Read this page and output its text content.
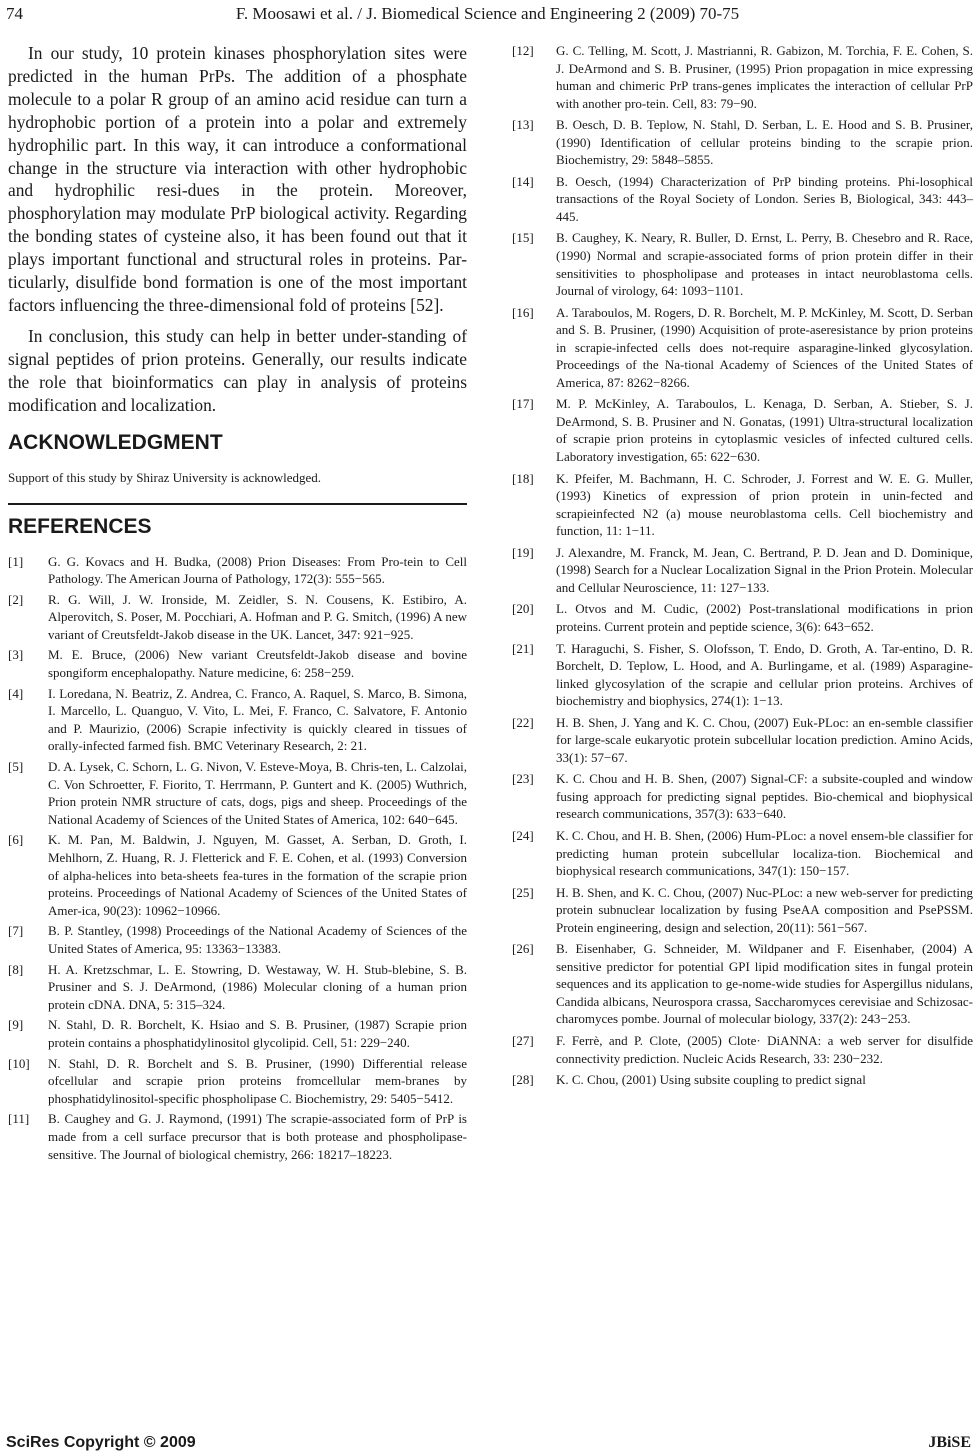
74	F. Moosawi et al. / J. Biomedical Science and Engineering 2 (2009) 70-75

In our study, 10 protein kinases phosphorylation sites were predicted in the human PrPs. The addition of a phosphate molecule to a polar R group of an amino acid residue can turn a hydrophobic portion of a protein into a polar and extremely hydrophilic part. In this way, it can introduce a conformational change in the structure via interaction with other hydrophobic and hydrophilic resi-dues in the protein. Moreover, phosphorylation may modulate PrP biological activity. Regarding the bonding states of cysteine also, it has been found out that it plays important functional and structural roles in proteins. Par-ticularly, disulfide bond formation is one of the most important factors influencing the three-dimensional fold of proteins [52].

In conclusion, this study can help in better under-standing of signal peptides of prion proteins. Generally, our results indicate the role that bioinformatics can play in analysis of proteins modification and localization.

ACKNOWLEDGMENT
Support of this study by Shiraz University is acknowledged.
REFERENCES
[1] G. G. Kovacs and H. Budka, (2008) Prion Diseases: From Pro-tein to Cell Pathology. The American Journa of Pathology, 172(3): 555−565.
[2] R. G. Will, J. W. Ironside, M. Zeidler, S. N. Cousens, K. Estibiro, A. Alperovitch, S. Poser, M. Pocchiari, A. Hofman and P. G. Smitch, (1996) A new variant of Creutsfeldt-Jakob disease in the UK. Lancet, 347: 921−925.
[3] M. E. Bruce, (2006) New variant Creutsfeldt-Jakob disease and bovine spongiform encephalopathy. Nature medicine, 6: 258−259.
[4] I. Loredana, N. Beatriz, Z. Andrea, C. Franco, A. Raquel, S. Marco, B. Simona, I. Marcello, L. Quanguo, V. Vito, L. Mei, F. Franco, C. Salvatore, F. Antonio and P. Maurizio, (2006) Scrapie infectivity is quickly cleared in tissues of orally-infected farmed fish. BMC Veterinary Research, 2: 21.
[5] D. A. Lysek, C. Schorn, L. G. Nivon, V. Esteve-Moya, B. Chris-ten, L. Calzolai, C. Von Schroetter, F. Fiorito, T. Herrmann, P. Guntert and K. (2005) Wuthrich, Prion protein NMR structure of cats, dogs, pigs and sheep. Proceedings of the National Academy of Sciences of the United States of America, 102: 640−645.
[6] K. M. Pan, M. Baldwin, J. Nguyen, M. Gasset, A. Serban, D. Groth, I. Mehlhorn, Z. Huang, R. J. Fletterick and F. E. Cohen, et al. (1993) Conversion of alpha-helices into beta-sheets fea-tures in the formation of the scrapie prion proteins. Proceedings of National Academy of Sciences of the United States of Amer-ica, 90(23): 10962−10966.
[7] B. P. Stantley, (1998) Proceedings of the National Academy of Sciences of the United States of America, 95: 13363−13383.
[8] H. A. Kretzschmar, L. E. Stowring, D. Westaway, W. H. Stub-blebine, S. B. Prusiner and S. J. DeArmond, (1986) Molecular cloning of a human prion protein cDNA. DNA, 5: 315–324.
[9] N. Stahl, D. R. Borchelt, K. Hsiao and S. B. Prusiner, (1987) Scrapie prion protein contains a phosphatidylinositol glycolipid. Cell, 51: 229−240.
[10] N. Stahl, D. R. Borchelt and S. B. Prusiner, (1990) Differential release ofcellular and scrapie prion proteins fromcellular mem-branes by phosphatidylinositol-specific phospholipase C. Biochemistry, 29: 5405−5412.
[11] B. Caughey and G. J. Raymond, (1991) The scrapie-associated form of PrP is made from a cell surface precursor that is both protease and phospholipase-sensitive. The Journal of biological chemistry, 266: 18217–18223.
[12] G. C. Telling, M. Scott, J. Mastrianni, R. Gabizon, M. Torchia, F. E. Cohen, S. J. DeArmond and S. B. Prusiner, (1995) Prion propagation in mice expressing human and chimeric PrP trans-genes implicates the interaction of cellular PrP with another pro-tein. Cell, 83: 79−90.
[13] B. Oesch, D. B. Teplow, N. Stahl, D. Serban, L. E. Hood and S. B. Prusiner, (1990) Identification of cellular proteins binding to the scrapie prion. Biochemistry, 29: 5848–5855.
[14] B. Oesch, (1994) Characterization of PrP binding proteins. Phi-losophical transactions of the Royal Society of London. Series B, Biological, 343: 443–445.
[15] B. Caughey, K. Neary, R. Buller, D. Ernst, L. Perry, B. Chesebro and R. Race, (1990) Normal and scrapie-associated forms of prion protein differ in their sensitivities to phospholipase and proteases in intact neuroblastoma cells. Journal of virology, 64: 1093−1101.
[16] A. Taraboulos, M. Rogers, D. R. Borchelt, M. P. McKinley, M. Scott, D. Serban and S. B. Prusiner, (1990) Acquisition of prote-aseresistance by prion proteins in scrapie-infected cells does not-require asparagine-linked glycosylation. Proceedings of the Na-tional Academy of Sciences of the United States of America, 87: 8262−8266.
[17] M. P. McKinley, A. Taraboulos, L. Kenaga, D. Serban, A. Stieber, S. J. DeArmond, S. B. Prusiner and N. Gonatas, (1991) Ultra-structural localization of scrapie prion proteins in cytoplasmic vesicles of infected cultured cells. Laboratory investigation, 65: 622−630.
[18] K. Pfeifer, M. Bachmann, H. C. Schroder, J. Forrest and W. E. G. Muller, (1993) Kinetics of expression of prion protein in unin-fected and scrapieinfected N2 (a) mouse neuroblastoma cells. Cell biochemistry and function, 11: 1−11.
[19] J. Alexandre, M. Franck, M. Jean, C. Bertrand, P. D. Jean and D. Dominique, (1998) Search for a Nuclear Localization Signal in the Prion Protein. Molecular and Cellular Neuroscience, 11: 127−133.
[20] L. Otvos and M. Cudic, (2002) Post-translational modifications in prion proteins. Current protein and peptide science, 3(6): 643−652.
[21] T. Haraguchi, S. Fisher, S. Olofsson, T. Endo, D. Groth, A. Tar-entino, D. R. Borchelt, D. Teplow, L. Hood, and A. Burlingame, et al. (1989) Asparagine-linked glycosylation of the scrapie and cellular prion proteins. Archives of biochemistry and biophysics, 274(1): 1−13.
[22] H. B. Shen, J. Yang and K. C. Chou, (2007) Euk-PLoc: an en-semble classifier for large-scale eukaryotic protein subcellular location prediction. Amino Acids, 33(1): 57−67.
[23] K. C. Chou and H. B. Shen, (2007) Signal-CF: a subsite-coupled and window fusing approach for predicting signal peptides. Bio-chemical and biophysical research communications, 357(3): 633−640.
[24] K. C. Chou, and H. B. Shen, (2006) Hum-PLoc: a novel ensem-ble classifier for predicting human protein subcellular localiza-tion. Biochemical and biophysical research communications, 347(1): 150−157.
[25] H. B. Shen, and K. C. Chou, (2007) Nuc-PLoc: a new web-server for predicting protein subnuclear localization by fusing PseAA composition and PsePSSM. Protein engineering, design and selection, 20(11): 561−567.
[26] B. Eisenhaber, G. Schneider, M. Wildpaner and F. Eisenhaber, (2004) A sensitive predictor for potential GPI lipid modification sites in fungal protein sequences and its application to ge-nome-wide studies for Aspergillus nidulans, Candida albicans, Neurospora crassa, Saccharomyces cerevisiae and Schizosac-charomyces pombe. Journal of molecular biology, 337(2): 243−253.
[27] F. Ferrè, and P. Clote, (2005) Clote· DiANNA: a web server for disulfide connectivity prediction. Nucleic Acids Research, 33: 230−232.
[28] K. C. Chou, (2001) Using subsite coupling to predict signal
SciRes Copyright © 2009	JBiSE
